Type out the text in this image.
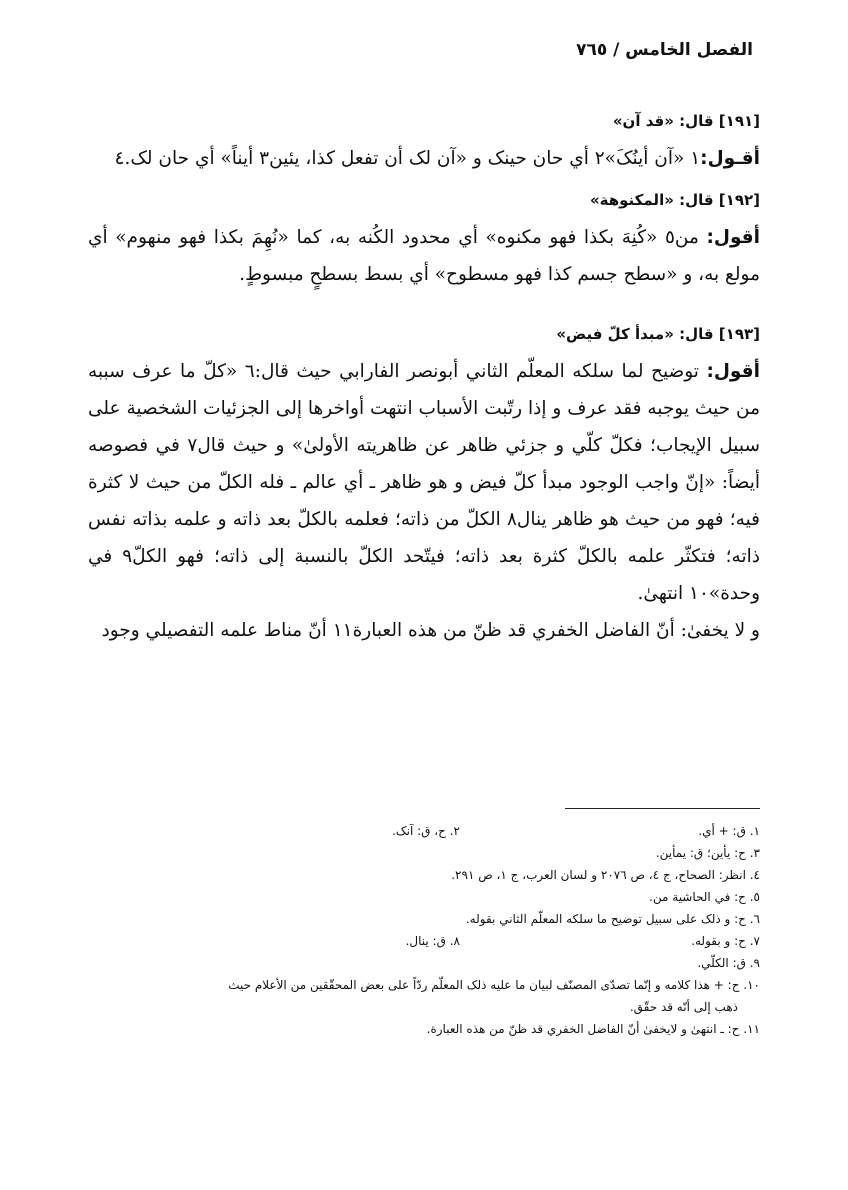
الفصل الخامس / ٧٦٥
[١٩١] قال: «قد آن»

أقـول:١ «آن أينُکَ»٢ أي حان حينک و «آن لک أن تفعل كذا، يئين٣ أيناً» أي حان لک.٤

[١٩٢] قال: «المكنوهة»

أقول: من٥ «كُنِهَ بكذا فهو مكنوه» أي محدود الكُنه به، كما «نُهِمَ بكذا فهو منهوم» أي مولع به، و «سطح جسم كذا فهو مسطوح» أي بسط بسطحٍ مبسوطٍ.

[١٩٣] قال: «مبدأ كلّ فيض»

أقول: توضيح لما سلكه المعلّم الثاني أبونصر الفارابي حيث قال:٦ «كلّ ما عرف سببه من حيث يوجبه فقد عرف و إذا رتّبت الأسباب انتهت أواخرها إلى الجزئيات الشخصية على سبيل الإيجاب؛ فكلّ كلّي و جزئي ظاهر عن ظاهريته الأولىٰ» و حيث قال٧ في فصوصه أيضاً: «إنّ واجب الوجود مبدأ كلّ فيض و هو ظاهر ـ أي عالم ـ فله الكلّ من حيث لا كثرة فيه؛ فهو من حيث هو ظاهر ينال٨ الكلّ من ذاته؛ فعلمه بالكلّ بعد ذاته و علمه بذاته نفس ذاته؛ فتكثّر علمه بالكلّ كثرة بعد ذاته؛ فيتّحد الكلّ بالنسبة إلى ذاته؛ فهو الكلّ٩ في وحدة»١٠ انتهىٰ.

و لا يخفىٰ: أنّ الفاضل الخفري قد ظنّ من هذه العبارة١١ أنّ مناط علمه التفصيلي وجود

١. ق: + أي.
٢. ح، ق: آنک.

٣. ح: يأين؛ ق: يمأين.

٤. انظر: الصحاح، ج ٤، ص ٢٠٧٦ و لسان العرب، ج ١، ص ٢٩١.

٥. ح: في الحاشية من.

٦. ح: و ذلک على سبيل توضيح ما سلكه المعلّم الثاني بقوله.

٧. ح: و بقوله.
٨. ق: ينال.

٩. ق: الكلّي.

١٠. ح: + هذا كلامه و إنّما تصدّى المصنّف لبيان ما عليه ذلک المعلّم ردّاً على بعض المحقّقين من الأعلام حيث

ذهب إلى أنّه قد حقّق.

١١. ح: ـ انتهىٰ و لايخفىٰ أنّ الفاضل الخفري قد ظنّ من هذه العبارة.
